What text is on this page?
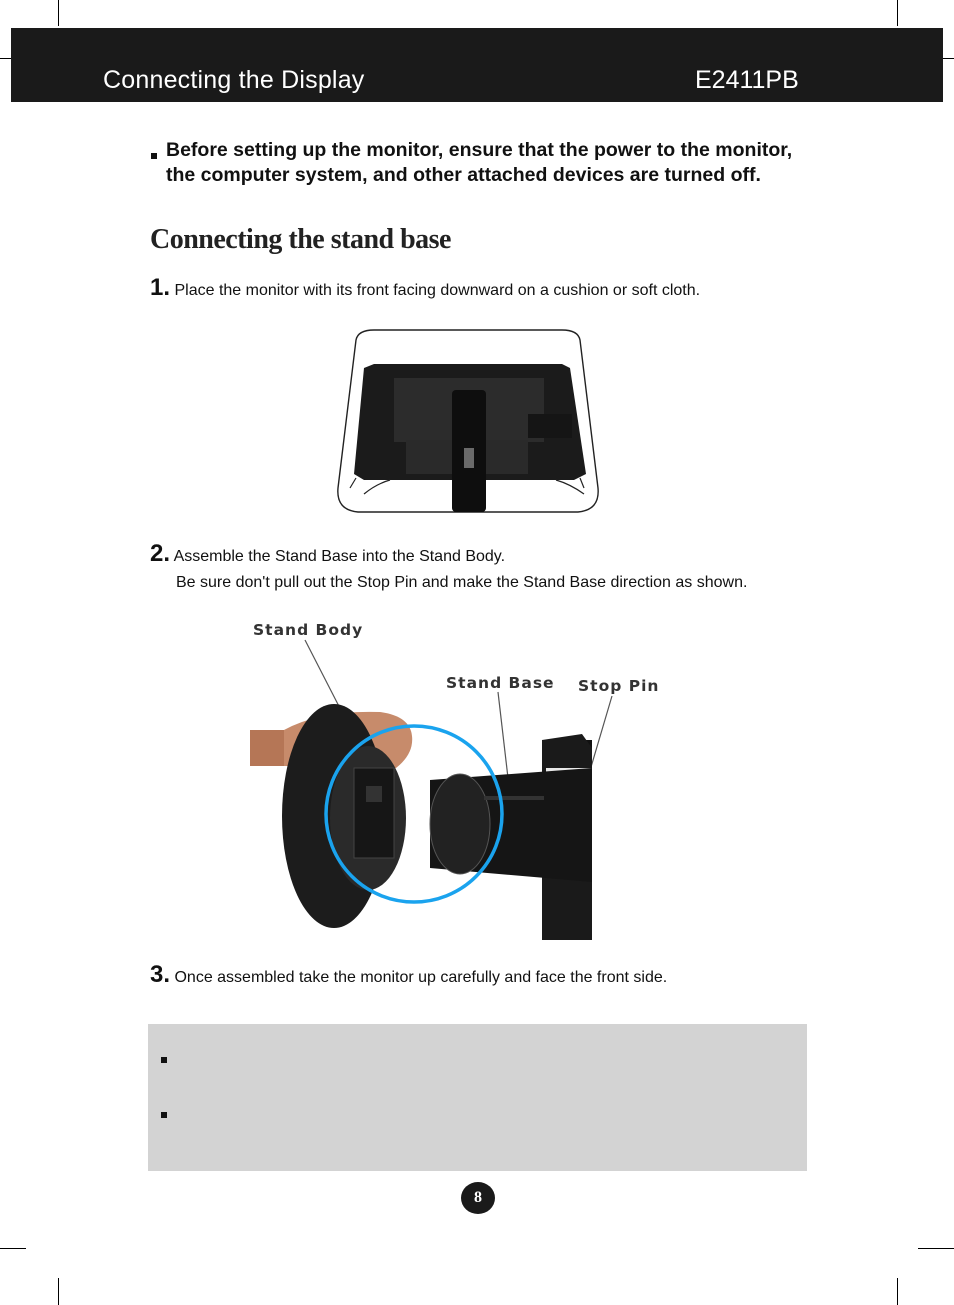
Connecting the Display	E2411PB
Before setting up the monitor, ensure that the power to the monitor, the computer system, and other attached devices are turned off.
Connecting the stand base
1. Place the monitor with its front facing downward on a cushion or soft cloth.
2. Assemble the Stand Base into the Stand Body.
Be sure don't pull out the Stop Pin and make the Stand Base direction as shown.
Stand Body
Stand Base Stop Pin
3. Once assembled take the monitor up carefully and face the front side.
8
